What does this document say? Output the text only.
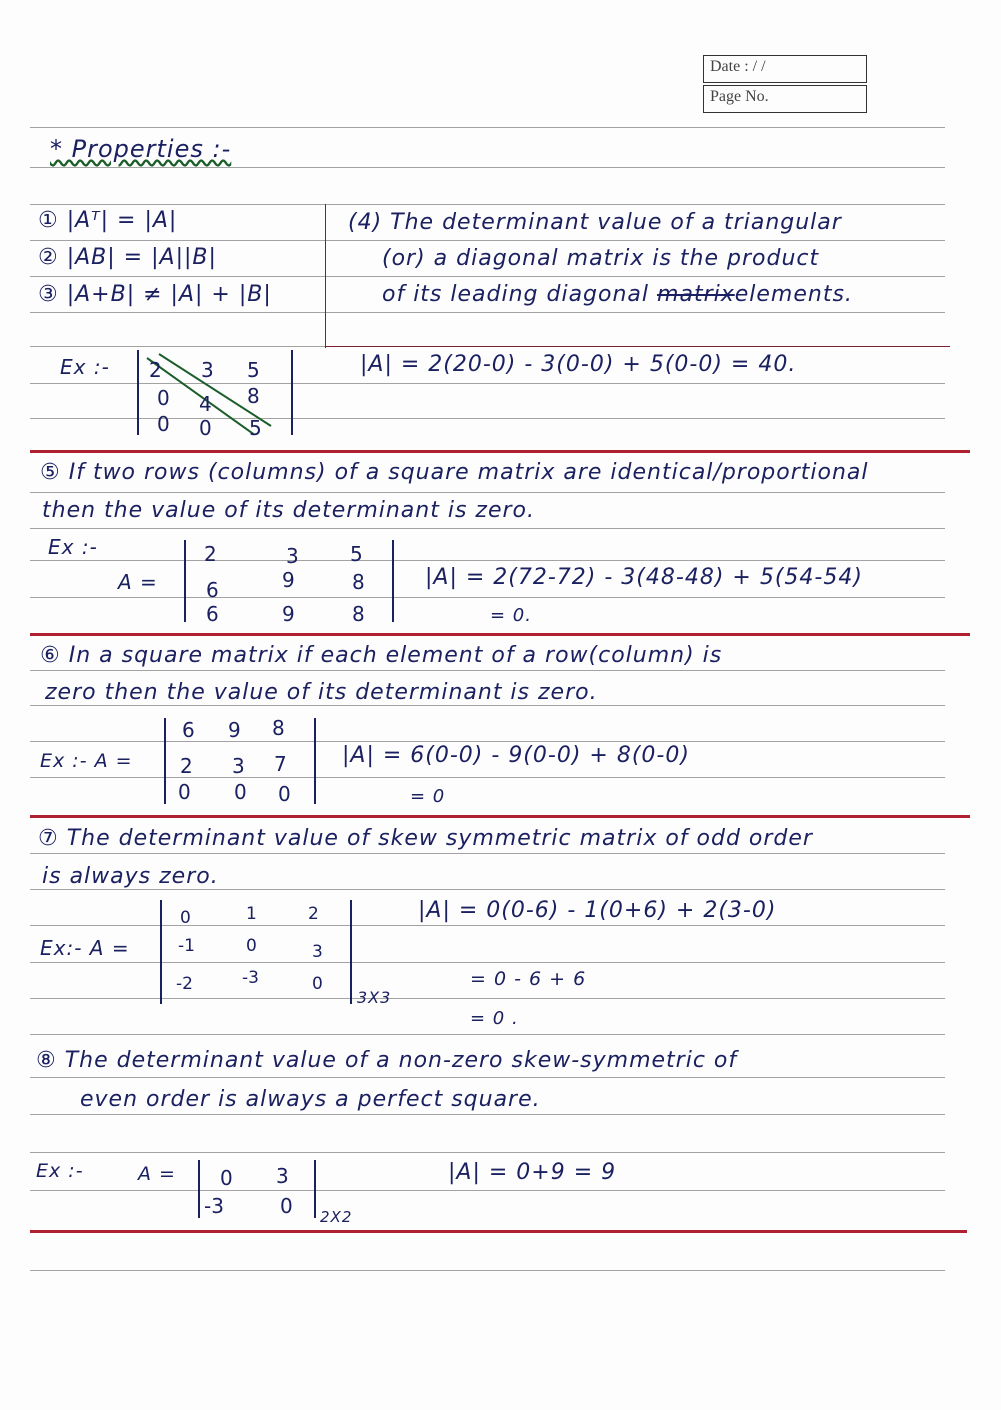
Date : / /
Page No.
* Properties :-
① |Aᵀ| = |A|
② |AB| = |A||B|
③ |A+B| ≠ |A| + |B|
(4) The determinant value of a triangular
(or) a diagonal matrix is the product
of its leading diagonal matrixelements.
Ex :- 2 3 5
0 4 8
0 0 5
|A| = 2(20-0) - 3(0-0) + 5(0-0) = 40.
⑤ If two rows (columns) of a square matrix are identical/proportional
then the value of its determinant is zero.
Ex :-
A =
2	3	5
6	9	8
6	9	8
|A| = 2(72-72) - 3(48-48) + 5(54-54)
= 0.
⑥ In a square matrix if each element of a row(column) is
zero then the value of its determinant is zero.
Ex :- A =
6 9 8
2 3 7
0 0 0
|A| = 6(0-0) - 9(0-0) + 8(0-0)
= 0
⑦ The determinant value of skew symmetric matrix of odd order
is always zero.
Ex:- A =
0	1	2
-1	0	3
-2	-3	0
3X3
|A| = 0(0-6) - 1(0+6) + 2(3-0)
= 0 - 6 + 6
= 0 .
⑧ The determinant value of a non-zero skew-symmetric of
even order is always a perfect square.
Ex :-	A = 0 3
-3	0 2X2
|A| = 0+9 = 9
